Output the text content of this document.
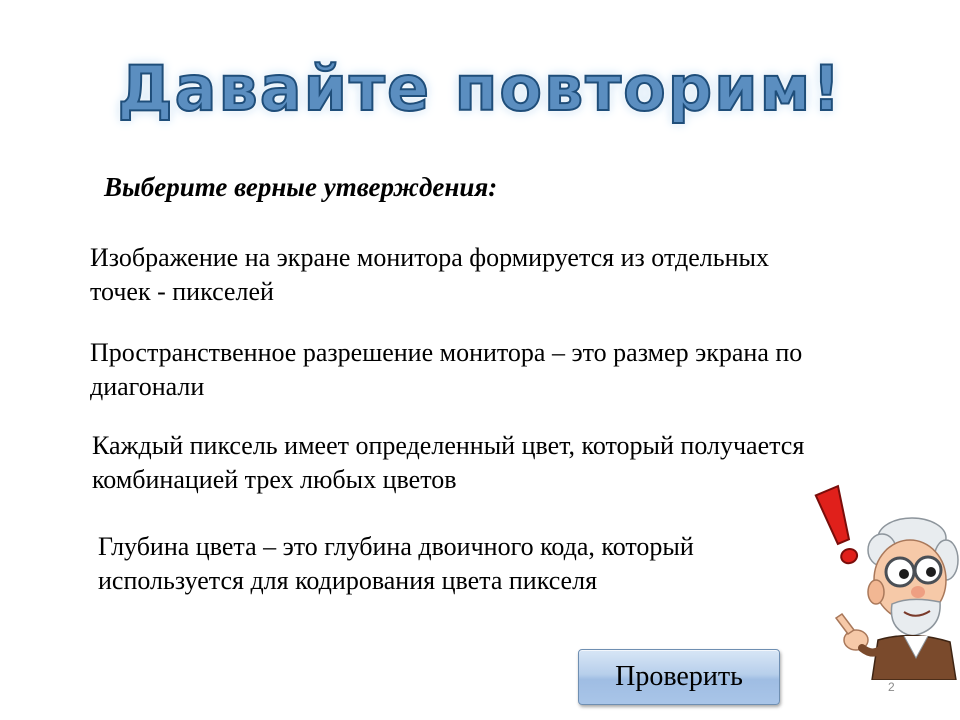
Давайте повторим!
Выберите верные утверждения:
Изображение на экране монитора формируется из отдельных точек - пикселей
Пространственное разрешение монитора – это размер экрана по диагонали
Каждый пиксель имеет определенный цвет, который получается комбинацией трех любых цветов
Глубина цвета – это глубина двоичного кода, который используется для кодирования цвета пикселя
Проверить	2
